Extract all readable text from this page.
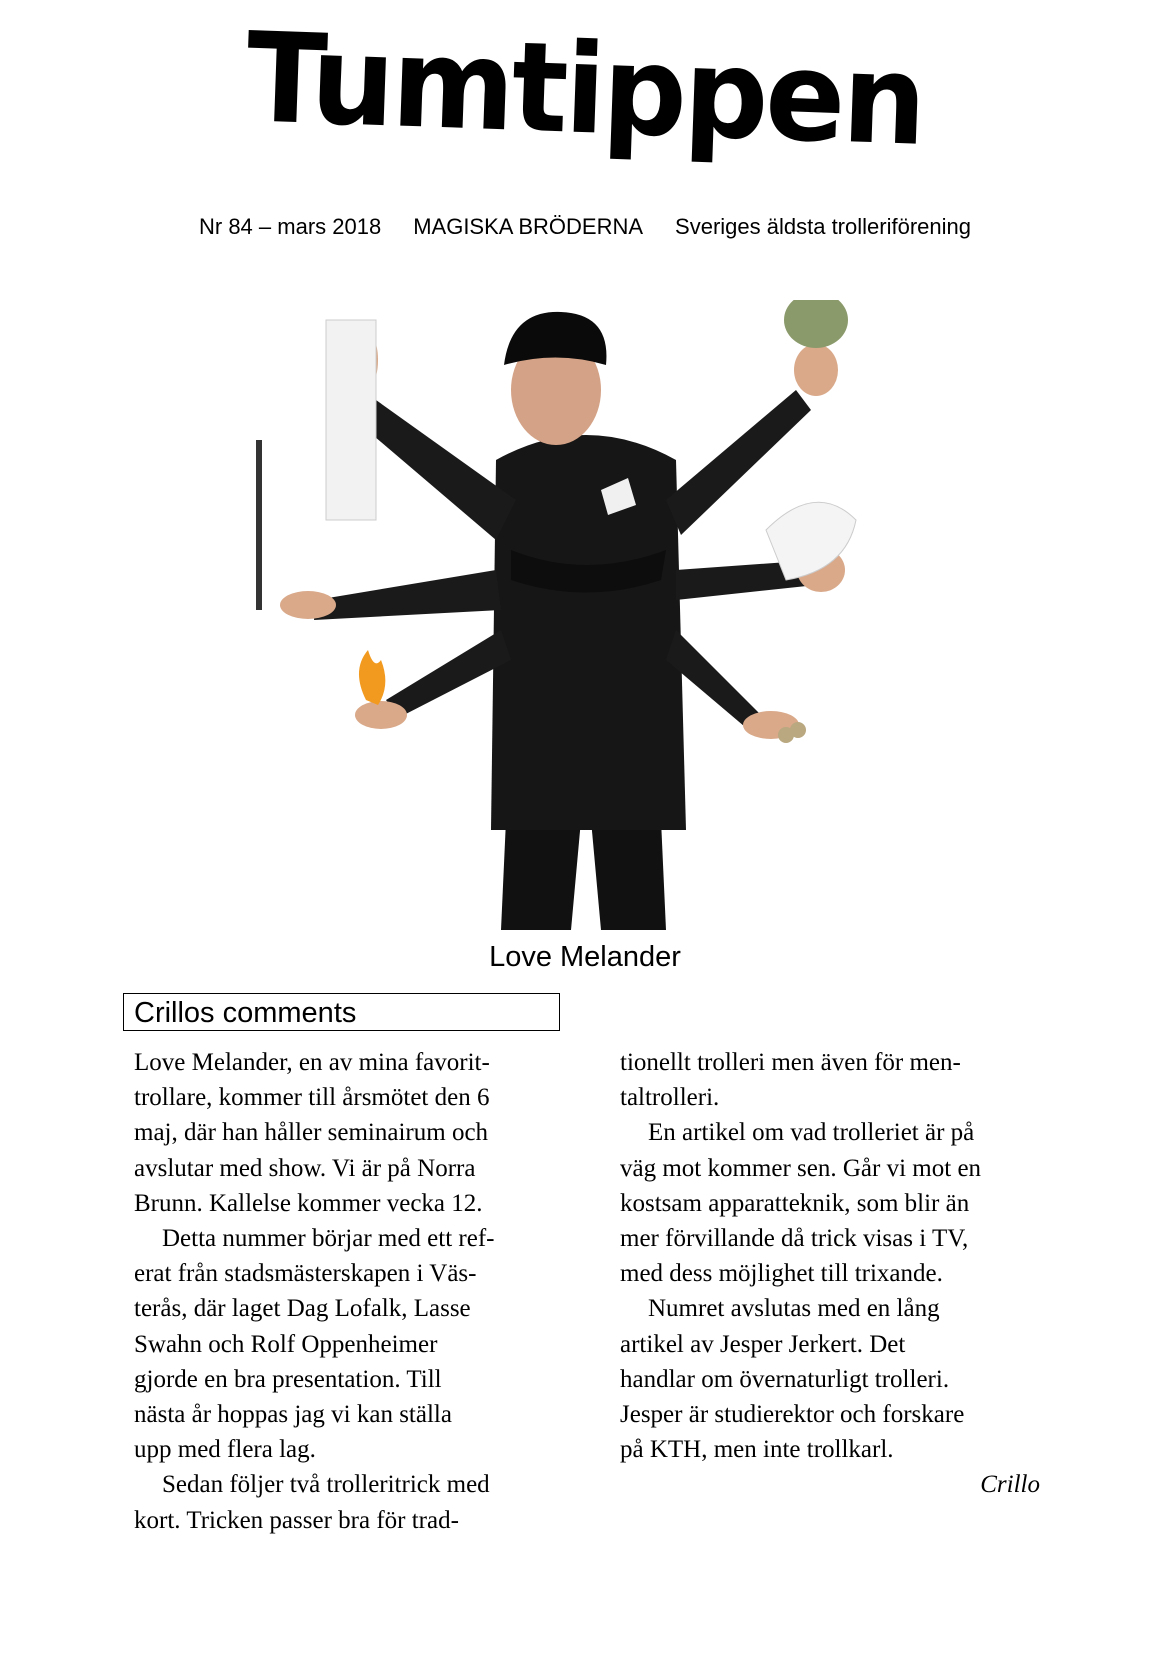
Tumtippen
Nr 84 – mars 2018 MAGISKA BRÖDERNA Sveriges äldsta trolleriförening
Love Melander
Crillos comments

Love Melander, en av mina favorit-
trollare, kommer till årsmötet den 6
maj, där han håller seminairum och
avslutar med show. Vi är på Norra
Brunn. Kallelse kommer vecka 12.

Detta nummer börjar med ett ref-
erat från stadsmästerskapen i Väs-
terås, där laget Dag Lofalk, Lasse
Swahn och Rolf Oppenheimer
gjorde en bra presentation. Till
nästa år hoppas jag vi kan ställa
upp med flera lag.

Sedan följer två trolleritrick med
kort. Tricken passer bra för trad-

tionellt trolleri men även för men-
taltrolleri.

En artikel om vad trolleriet är på
väg mot kommer sen. Går vi mot en
kostsam apparatteknik, som blir än
mer förvillande då trick visas i TV,
med dess möjlighet till trixande.

Numret avslutas med en lång
artikel av Jesper Jerkert. Det
handlar om övernaturligt trolleri.
Jesper är studierektor och forskare
på KTH, men inte trollkarl.

Crillo
